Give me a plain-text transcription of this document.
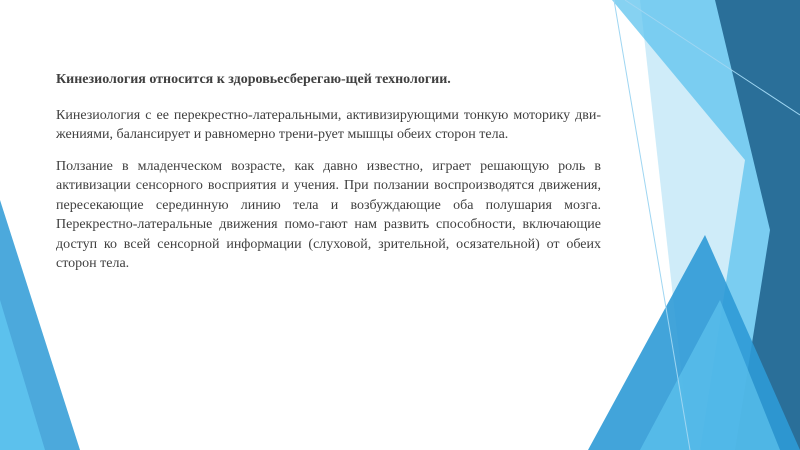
Кинезиология относится к здоровьесберегаю-щей технологии.

Кинезиология с ее перекрестно-латеральными, активизирующими тонкую моторику дви-жениями, балансирует и равномерно трени-рует мышцы обеих сторон тела.

Ползание в младенческом возрасте, как давно известно, играет решающую роль в активизации сенсорного восприятия и учения. При ползании воспроизводятся движения, пересекающие серединную линию тела и возбуждающие оба полушария мозга. Перекрестно-латеральные движения помо-гают нам развить способности, включающие доступ ко всей сенсорной информации (слуховой, зрительной, осязательной) от обеих сторон тела.
